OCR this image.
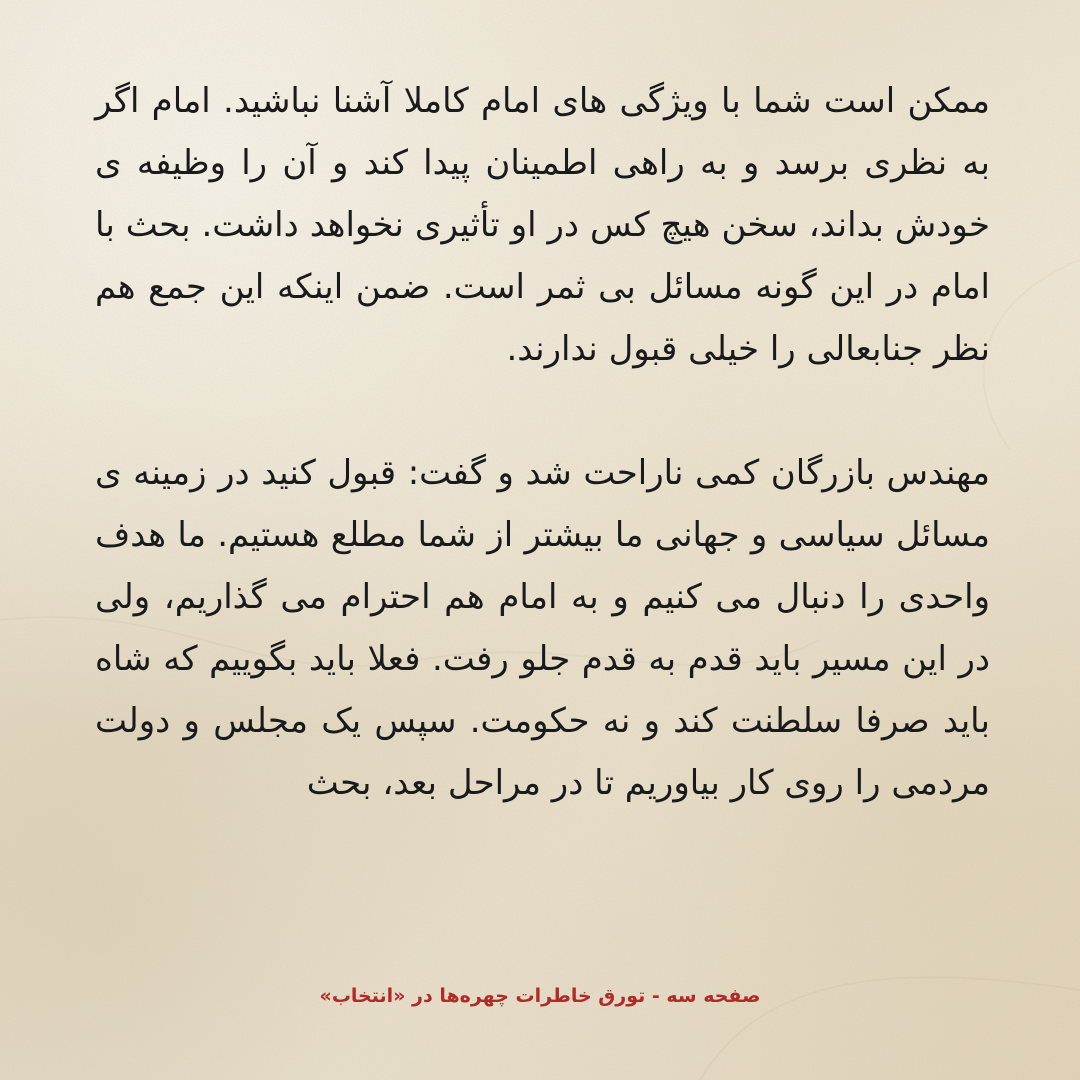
ممکن است شما با ویژگی های امام کاملا آشنا نباشید. امام اگر به نظری برسد و به راهی اطمینان پیدا کند و آن را وظیفه ی خودش بداند، سخن هیچ کس در او تأثیری نخواهد داشت. بحث با امام در این گونه مسائل بی ثمر است. ضمن اینکه این جمع هم نظر جنابعالی را خیلی قبول ندارند.

مهندس بازرگان کمی ناراحت شد و گفت: قبول کنید در زمینه ی مسائل سیاسی و جهانی ما بیشتر از شما مطلع هستیم. ما هدف واحدی را دنبال می کنیم و به امام هم احترام می گذاریم، ولی در این مسیر باید قدم به قدم جلو رفت. فعلا باید بگوییم که شاه باید صرفا سلطنت کند و نه حکومت. سپس یک مجلس و دولت مردمی را روی کار بیاوریم تا در مراحل بعد، بحث

صفحه سه - تورق خاطرات چهره‌ها در «انتخاب»
